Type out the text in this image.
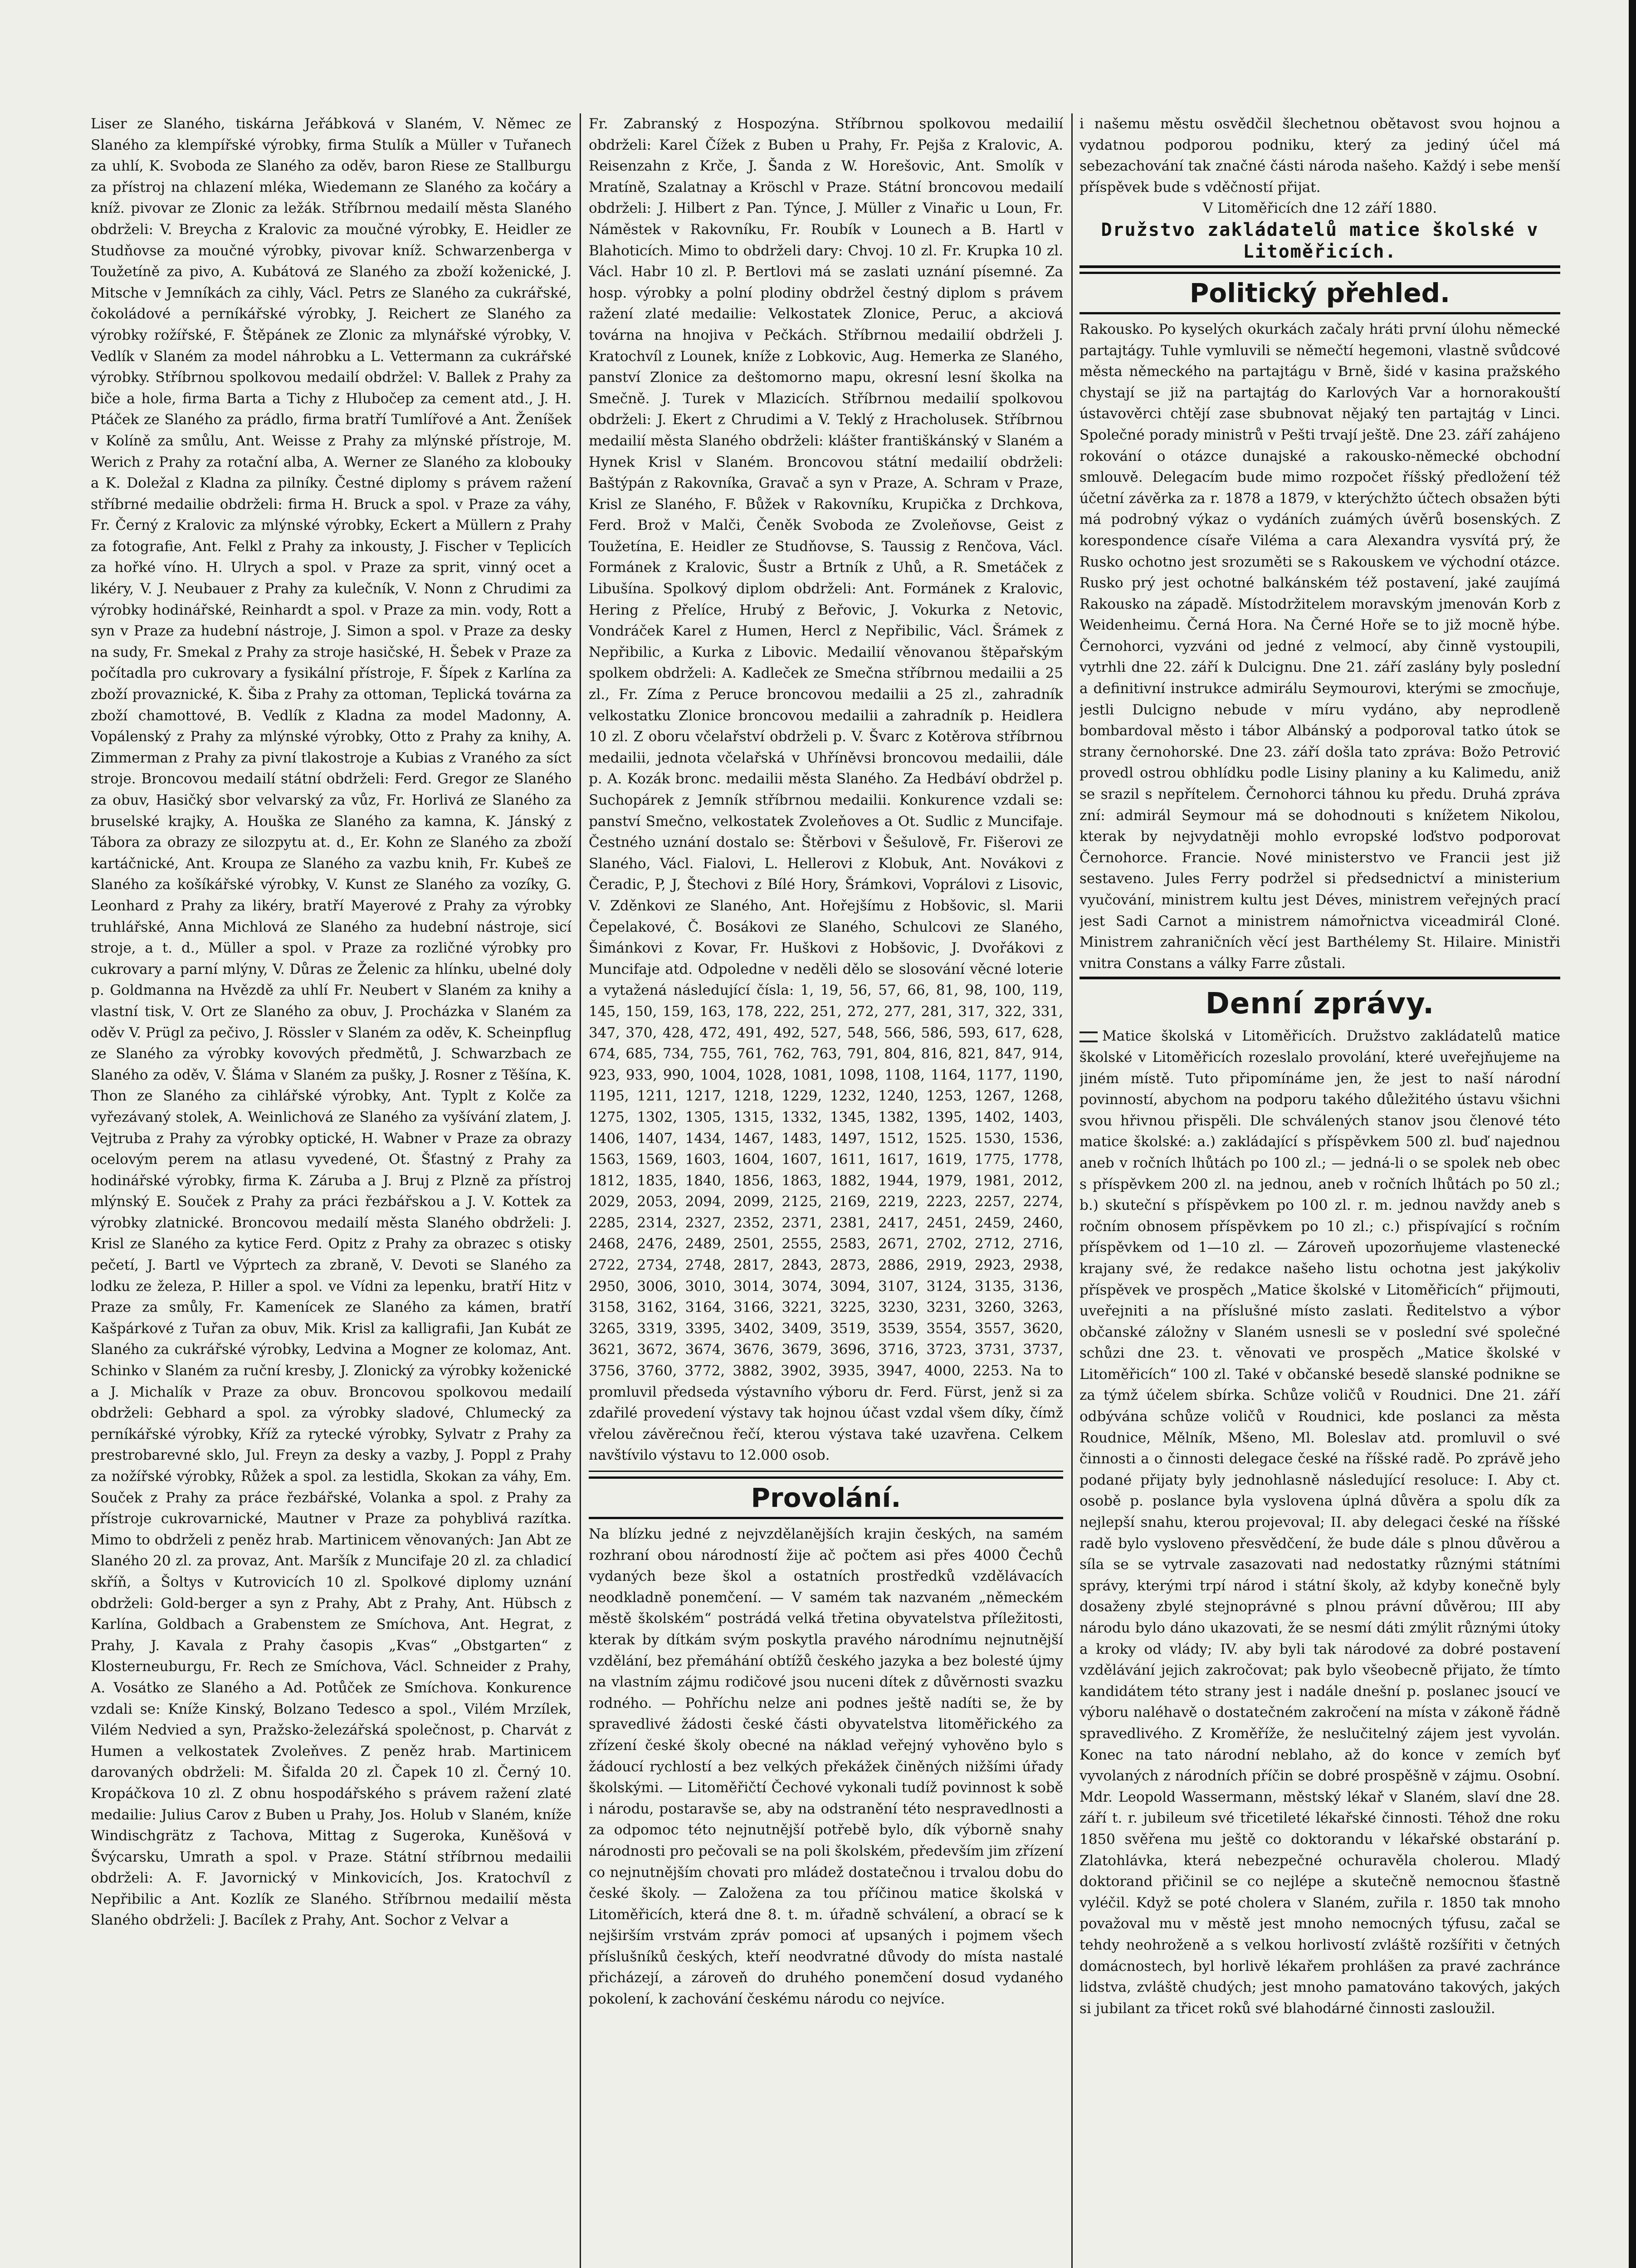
Liser ze Slaného, tiskárna Jeřábková v Slaném, V. Němec ze Slaného za klempířské výrobky, firma Stulík a Müller v Tuřanech za uhlí, K. Svoboda ze Slaného za oděv, baron Riese ze Stallburgu za přístroj na chlazení mléka, Wiedemann ze Slaného za kočáry a kníž. pivovar ze Zlonic za ležák. Stříbrnou medailí města Slaného obdrželi: V. Breycha z Kralovic za moučné výrobky, E. Heidler ze Studňovse za moučné výrobky, pivovar kníž. Schwarzenberga v Toužetíně za pivo, A. Kubátová ze Slaného za zboží koženické, J. Mitsche v Jemníkách za cihly, Václ. Petrs ze Slaného za cukrářské, čokoládové a perníkářské výrobky, J. Reichert ze Slaného za výrobky rožířské, F. Štěpánek ze Zlonic za mlynářské výrobky, V. Vedlík v Slaném za model náhrobku a L. Vettermann za cukrářské výrobky. Stříbrnou spolkovou medailí obdržel: V. Ballek z Prahy za biče a hole, firma Barta a Tichy z Hlubočep za cement atd., J. H. Ptáček ze Slaného za prádlo, firma bratří Tumlířové a Ant. Ženíšek v Kolíně za smůlu, Ant. Weisse z Prahy za mlýnské přístroje, M. Werich z Prahy za rotační alba, A. Werner ze Slaného za klobouky a K. Doležal z Kladna za pilníky. Čestné diplomy s právem ražení stříbrné medailie obdrželi: firma H. Bruck a spol. v Praze za váhy, Fr. Černý z Kralovic za mlýnské výrobky, Eckert a Müllern z Prahy za fotografie, Ant. Felkl z Prahy za inkousty, J. Fischer v Teplicích za hořké víno. H. Ulrych a spol. v Praze za sprit, vinný ocet a likéry, V. J. Neubauer z Prahy za kulečník, V. Nonn z Chrudimi za výrobky hodinářské, Reinhardt a spol. v Praze za min. vody, Rott a syn v Praze za hudební nástroje, J. Simon a spol. v Praze za desky na sudy, Fr. Smekal z Prahy za stroje hasičské, H. Šebek v Praze za počítadla pro cukrovary a fysikální přístroje, F. Šípek z Karlína za zboží provaznické, K. Šiba z Prahy za ottoman, Teplická továrna za zboží chamottové, B. Vedlík z Kladna za model Madonny, A. Vopálenský z Prahy za mlýnské výrobky, Otto z Prahy za knihy, A. Zimmerman z Prahy za pivní tlakostroje a Kubias z Vraného za síct stroje. Broncovou medailí státní obdrželi: Ferd. Gregor ze Slaného za obuv, Hasičký sbor velvarský za vůz, Fr. Horlivá ze Slaného za bruselské krajky, A. Houška ze Slaného za kamna, K. Jánský z Tábora za obrazy ze silozpytu at. d., Er. Kohn ze Slaného za zboží kartáčnické, Ant. Kroupa ze Slaného za vazbu knih, Fr. Kubeš ze Slaného za košíkářské výrobky, V. Kunst ze Slaného za vozíky, G. Leonhard z Prahy za likéry, bratří Mayerové z Prahy za výrobky truhlářské, Anna Michlová ze Slaného za hudební nástroje, sicí stroje, a t. d., Müller a spol. v Praze za rozličné výrobky pro cukrovary a parní mlýny, V. Důras ze Želenic za hlínku, ubelné doly p. Goldmanna na Hvězdě za uhlí Fr. Neubert v Slaném za knihy a vlastní tisk, V. Ort ze Slaného za obuv, J. Procházka v Slaném za oděv V. Prügl za pečivo, J. Rössler v Slaném za oděv, K. Scheinpflug ze Slaného za výrobky kovových předmětů, J. Schwarzbach ze Slaného za oděv, V. Šláma v Slaném za pušky, J. Rosner z Těšína, K. Thon ze Slaného za cihlářské výrobky, Ant. Typlt z Kolče za vyřezávaný stolek, A. Weinlichová ze Slaného za vyšívání zlatem, J. Vejtruba z Prahy za výrobky optické, H. Wabner v Praze za obrazy ocelovým perem na atlasu vyvedené, Ot. Šťastný z Prahy za hodinářské výrobky, firma K. Záruba a J. Bruj z Plzně za přístroj mlýnský E. Souček z Prahy za práci řezbářskou a J. V. Kottek za výrobky zlatnické. Broncovou medailí města Slaného obdrželi: J. Krisl ze Slaného za kytice Ferd. Opitz z Prahy za obrazec s otisky pečetí, J. Bartl ve Výprtech za zbraně, V. Devoti se Slaného za lodku ze železa, P. Hiller a spol. ve Vídni za lepenku, bratří Hitz v Praze za smůly, Fr. Kamenícek ze Slaného za kámen, bratří Kašpárkové z Tuřan za obuv, Mik. Krisl za kalligrafii, Jan Kubát ze Slaného za cukrářské výrobky, Ledvina a Mogner ze kolomaz, Ant. Schinko v Slaném za ruční kresby, J. Zlonický za výrobky koženické a J. Michalík v Praze za obuv. Broncovou spolkovou medailí obdrželi: Gebhard a spol. za výrobky sladové, Chlumecký za perníkářské výrobky, Kříž za rytecké výrobky, Sylvatr z Prahy za prestrobarevné sklo, Jul. Freyn za desky a vazby, J. Poppl z Prahy za nožířské výrobky, Růžek a spol. za lestidla, Skokan za váhy, Em. Souček z Prahy za práce řezbářské, Volanka a spol. z Prahy za přístroje cukrovarnické, Mautner v Praze za pohyblivá razítka. Mimo to obdrželi z peněz hrab. Martinicem věnovaných: Jan Abt ze Slaného 20 zl. za provaz, Ant. Maršík z Muncifaje 20 zl. za chladicí skříň, a Šoltys v Kutrovicích 10 zl. Spolkové diplomy uznání obdrželi: Gold-berger a syn z Prahy, Abt z Prahy, Ant. Hübsch z Karlína, Goldbach a Grabenstem ze Smíchova, Ant. Hegrat, z Prahy, J. Kavala z Prahy časopis „Kvas“ „Obstgarten“ z Klosterneuburgu, Fr. Rech ze Smíchova, Václ. Schneider z Prahy, A. Vosátko ze Slaného a Ad. Potůček ze Smíchova. Konkurence vzdali se: Kníže Kinský, Bolzano Tedesco a spol., Vilém Mrzílek, Vilém Nedvied a syn, Pražsko-železářská společnost, p. Charvát z Humen a velkostatek Zvoleňves. Z peněz hrab. Martinicem darovaných obdrželi: M. Šifalda 20 zl. Čapek 10 zl. Černý 10. Kropáčkova 10 zl. Z obnu hospodářského s právem ražení zlaté medailie: Julius Carov z Buben u Prahy, Jos. Holub v Slaném, kníže Windischgrätz z Tachova, Mittag z Sugeroka, Kuněšová v Švýcarsku, Umrath a spol. v Praze. Státní stříbrnou medailii obdrželi: A. F. Javornický v Minkovicích, Jos. Kratochvíl z Nepřibilic a Ant. Kozlík ze Slaného. Stříbrnou medailií města Slaného obdrželi: J. Bacílek z Prahy, Ant. Sochor z Velvar a

Fr. Zabranský z Hospozýna. Stříbrnou spolkovou medailií obdrželi: Karel Čížek z Buben u Prahy, Fr. Pejša z Kralovic, A. Reisenzahn z Krče, J. Šanda z W. Horešovic, Ant. Smolík v Mratíně, Szalatnay a Kröschl v Praze. Státní broncovou medailí obdrželi: J. Hilbert z Pan. Týnce, J. Müller z Vinařic u Loun, Fr. Náměstek v Rakovníku, Fr. Roubík v Lounech a B. Hartl v Blahoticích. Mimo to obdrželi dary: Chvoj. 10 zl. Fr. Krupka 10 zl. Václ. Habr 10 zl. P. Bertlovi má se zaslati uznání písemné. Za hosp. výrobky a polní plodiny obdržel čestný diplom s právem ražení zlaté medailie: Velkostatek Zlonice, Peruc, a akciová továrna na hnojiva v Pečkách. Stříbrnou medailií obdrželi J. Kratochvíl z Lounek, kníže z Lobkovic, Aug. Hemerka ze Slaného, panství Zlonice za deštomorno mapu, okresní lesní školka na Smečně. J. Turek v Mlazicích. Stříbrnou medailií spolkovou obdrželi: J. Ekert z Chrudimi a V. Teklý z Hracholusek. Stříbrnou medailií města Slaného obdrželi: klášter františkánský v Slaném a Hynek Krisl v Slaném. Broncovou státní medailií obdrželi: Baštýpán z Rakovníka, Gravač a syn v Praze, A. Schram v Praze, Krisl ze Slaného, F. Bůžek v Rakovníku, Krupička z Drchkova, Ferd. Brož v Malči, Čeněk Svoboda ze Zvoleňovse, Geist z Toužetína, E. Heidler ze Studňovse, S. Taussig z Renčova, Václ. Formánek z Kralovic, Šustr a Brtník z Uhů, a R. Smetáček z Libušína. Spolkový diplom obdrželi: Ant. Formánek z Kralovic, Hering z Přelíce, Hrubý z Beřovic, J. Vokurka z Netovic, Vondráček Karel z Humen, Hercl z Nepřibilic, Václ. Šrámek z Nepřibilic, a Kurka z Libovic. Medailií věnovanou štěpařským spolkem obdrželi: A. Kadleček ze Smečna stříbrnou medailii a 25 zl., Fr. Zíma z Peruce broncovou medailii a 25 zl., zahradník velkostatku Zlonice broncovou medailii a zahradník p. Heidlera 10 zl. Z oboru včelařství obdrželi p. V. Švarc z Kotěrova stříbrnou medailii, jednota včelařská v Uhříněvsi broncovou medailii, dále p. A. Kozák bronc. medailii města Slaného. Za Hedbáví obdržel p. Suchopárek z Jemník stříbrnou medailii. Konkurence vzdali se: panství Smečno, velkostatek Zvoleňoves a Ot. Sudlic z Muncifaje. Čestného uznání dostalo se: Štěrbovi v Šešulově, Fr. Fišerovi ze Slaného, Václ. Fialovi, L. Hellerovi z Klobuk, Ant. Novákovi z Čeradic, P, J, Štechovi z Bílé Hory, Šrámkovi, Voprálovi z Lisovic, V. Zděnkovi ze Slaného, Ant. Hořejšímu z Hobšovic, sl. Marii Čepelakové, Č. Bosákovi ze Slaného, Schulcovi ze Slaného, Šimánkovi z Kovar, Fr. Huškovi z Hobšovic, J. Dvořákovi z Muncifaje atd. Odpoledne v neděli dělo se slosování věcné loterie a vytažená následující čísla: 1, 19, 56, 57, 66, 81, 98, 100, 119, 145, 150, 159, 163, 178, 222, 251, 272, 277, 281, 317, 322, 331, 347, 370, 428, 472, 491, 492, 527, 548, 566, 586, 593, 617, 628, 674, 685, 734, 755, 761, 762, 763, 791, 804, 816, 821, 847, 914, 923, 933, 990, 1004, 1028, 1081, 1098, 1108, 1164, 1177, 1190, 1195, 1211, 1217, 1218, 1229, 1232, 1240, 1253, 1267, 1268, 1275, 1302, 1305, 1315, 1332, 1345, 1382, 1395, 1402, 1403, 1406, 1407, 1434, 1467, 1483, 1497, 1512, 1525. 1530, 1536, 1563, 1569, 1603, 1604, 1607, 1611, 1617, 1619, 1775, 1778, 1812, 1835, 1840, 1856, 1863, 1882, 1944, 1979, 1981, 2012, 2029, 2053, 2094, 2099, 2125, 2169, 2219, 2223, 2257, 2274, 2285, 2314, 2327, 2352, 2371, 2381, 2417, 2451, 2459, 2460, 2468, 2476, 2489, 2501, 2555, 2583, 2671, 2702, 2712, 2716, 2722, 2734, 2748, 2817, 2843, 2873, 2886, 2919, 2923, 2938, 2950, 3006, 3010, 3014, 3074, 3094, 3107, 3124, 3135, 3136, 3158, 3162, 3164, 3166, 3221, 3225, 3230, 3231, 3260, 3263, 3265, 3319, 3395, 3402, 3409, 3519, 3539, 3554, 3557, 3620, 3621, 3672, 3674, 3676, 3679, 3696, 3716, 3723, 3731, 3737, 3756, 3760, 3772, 3882, 3902, 3935, 3947, 4000, 2253. Na to promluvil předseda výstavního výboru dr. Ferd. Fürst, jenž si za zdařilé provedení výstavy tak hojnou účast vzdal všem díky, čímž vřelou závěrečnou řečí, kterou výstava také uzavřena. Celkem navštívilo výstavu to 12.000 osob.

Provolání.

Na blízku jedné z nejvzdělanějších krajin českých, na samém rozhraní obou národností žije ač počtem asi přes 4000 Čechů vydaných beze škol a ostatních prostředků vzdělávacích neodkladně ponemčení. — V samém tak nazvaném „německém městě školském“ postrádá velká třetina obyvatelstva příležitosti, kterak by dítkám svým poskytla pravého národnímu nejnutnější vzdělání, bez přemáhání obtížů českého jazyka a bez bolesté újmy na vlastním zájmu rodičové jsou nuceni dítek z důvěrnosti svazku rodného. — Pohříchu nelze ani podnes ještě nadíti se, že by spravedlivé žádosti české části obyvatelstva litoměřického za zřízení české školy obecné na náklad veřejný vyhověno bylo s žádoucí rychlostí a bez velkých překážek činěných nižšími úřady školskými. — Litoměřičtí Čechové vykonali tudíž povinnost k sobě i národu, postaravše se, aby na odstranění této nespravedlnosti a za odpomoc této nejnutnější potřebě bylo, dík výborně snahy národnosti pro pečovali se na poli školském, především jim zřízení co nejnutnějším chovati pro mládež dostatečnou i trvalou dobu do české školy. — Založena za tou příčinou matice školská v Litoměřicích, která dne 8. t. m. úřadně schválení, a obrací se k nejširším vrstvám zpráv pomoci ať upsaných i pojmem všech příslušníků českých, kteří neodvratné důvody do místa nastalé přicházejí, a zároveň do druhého ponemčení dosud vydaného pokolení, k zachování českému národu co nejvíce.

i našemu městu osvědčil šlechetnou obětavost svou hojnou a vydatnou podporou podniku, který za jediný účel má sebezachování tak značné části národa našeho. Každý i sebe menší příspěvek bude s vděčností přijat.

V Litoměřicích dne 12 září 1880.

Družstvo zakládatelů matice školské v Litoměřicích.

Politický přehled.

Rakousko. Po kyselých okurkách začaly hráti první úlohu německé partajtágy. Tuhle vymluvili se němečtí hegemoni, vlastně svůdcové města německého na partajtágu v Brně, šidé v kasina pražského chystají se již na partajtág do Karlových Var a hornorakouští ústavověrci chtějí zase sbubnovat nějaký ten partajtág v Linci. Společné porady ministrů v Pešti trvají ještě. Dne 23. září zahájeno rokování o otázce dunajské a rakousko-německé obchodní smlouvě. Delegacím bude mimo rozpočet říšský předložení též účetní závěrka za r. 1878 a 1879, v kterýchžto účtech obsažen býti má podrobný výkaz o vydáních zuámých úvěrů bosenských. Z korespondence císaře Viléma a cara Alexandra vysvítá prý, že Rusko ochotno jest srozuměti se s Rakouskem ve východní otázce. Rusko prý jest ochotné balkánském též postavení, jaké zaujímá Rakousko na západě. Místodržitelem moravským jmenován Korb z Weidenheimu. Černá Hora. Na Černé Hoře se to již mocně hýbe. Černohorci, vyzváni od jedné z velmocí, aby činně vystoupili, vytrhli dne 22. září k Dulcignu. Dne 21. září zaslány byly poslední a definitivní instrukce admirálu Seymourovi, kterými se zmocňuje, jestli Dulcigno nebude v míru vydáno, aby neprodleně bombardoval město i tábor Albánský a podporoval tatko útok se strany černohorské. Dne 23. září došla tato zpráva: Božo Petrović provedl ostrou obhlídku podle Lisiny planiny a ku Kalimedu, aniž se srazil s nepřítelem. Černohorci táhnou ku předu. Druhá zpráva zní: admirál Seymour má se dohodnouti s knížetem Nikolou, kterak by nejvydatněji mohlo evropské loďstvo podporovat Černohorce. Francie. Nové ministerstvo ve Francii jest již sestaveno. Jules Ferry podržel si předsednictví a ministerium vyučování, ministrem kultu jest Déves, ministrem veřejných prací jest Sadi Carnot a ministrem námořnictva viceadmirál Cloné. Ministrem zahraničních věcí jest Barthélemy St. Hilaire. Ministři vnitra Constans a války Farre zůstali.

Denní zprávy.

Matice školská v Litoměřicích. Družstvo zakládatelů matice školské v Litoměřicích rozeslalo provolání, které uveřejňujeme na jiném místě. Tuto připomínáme jen, že jest to naší národní povinností, abychom na podporu takého důležitého ústavu všichni svou hřivnou přispěli. Dle schválených stanov jsou členové této matice školské: a.) zakládající s příspěvkem 500 zl. buď najednou aneb v ročních lhůtách po 100 zl.; — jedná-li o se spolek neb obec s příspěvkem 200 zl. na jednou, aneb v ročních lhůtách po 50 zl.; b.) skuteční s příspěvkem po 100 zl. r. m. jednou navždy aneb s ročním obnosem příspěvkem po 10 zl.; c.) přispívající s ročním příspěvkem od 1—10 zl. — Zároveň upozorňujeme vlastenecké krajany své, že redakce našeho listu ochotna jest jakýkoliv příspěvek ve prospěch „Matice školské v Litoměřicích“ přijmouti, uveřejniti a na příslušné místo zaslati. Ředitelstvo a výbor občanské záložny v Slaném usnesli se v poslední své společné schůzi dne 23. t. věnovati ve prospěch „Matice školské v Litoměřicích“ 100 zl. Také v občanské besedě slanské podnikne se za týmž účelem sbírka. Schůze voličů v Roudnici. Dne 21. září odbývána schůze voličů v Roudnici, kde poslanci za města Roudnice, Mělník, Mšeno, Ml. Boleslav atd. promluvil o své činnosti a o činnosti delegace české na říšské radě. Po zprávě jeho podané přijaty byly jednohlasně následující resoluce: I. Aby ct. osobě p. poslance byla vyslovena úplná důvěra a spolu dík za nejlepší snahu, kterou projevoval; II. aby delegaci české na říšské radě bylo vysloveno přesvědčení, že bude dále s plnou důvěrou a síla se se vytrvale zasazovati nad nedostatky různými státními správy, kterými trpí národ i státní školy, až kdyby konečně byly dosaženy zbylé stejnoprávné s plnou právní důvěrou; III aby národu bylo dáno ukazovati, že se nesmí dáti zmýlit různými útoky a kroky od vlády; IV. aby byli tak národové za dobré postavení vzdělávání jejich zakročovat; pak bylo všeobecně přijato, že tímto kandidátem této strany jest i nadále dnešní p. poslanec jsoucí ve výboru naléhavě o dostatečném zakročení na místa v zákoně řádně spravedlivého. Z Kroměříže, že neslučitelný zájem jest vyvolán. Konec na tato národní neblaho, až do konce v zemích byť vyvolaných z národních příčin se dobré prospěšně v zájmu. Osobní. Mdr. Leopold Wassermann, městský lékař v Slaném, slaví dne 28. září t. r. jubileum své třicetileté lékařské činnosti. Téhož dne roku 1850 svěřena mu ještě co doktorandu v lékařské obstarání p. Zlatohlávka, která nebezpečné ochuravěla cholerou. Mladý doktorand přičinil se co nejlépe a skutečně nemocnou šťastně vyléčil. Když se poté cholera v Slaném, zuřila r. 1850 tak mnoho považoval mu v městě jest mnoho nemocných týfusu, začal se tehdy neohroženě a s velkou horlivostí zvláště rozšířiti v četných domácnostech, byl horlivě lékařem prohlášen za pravé zachránce lidstva, zvláště chudých; jest mnoho pamatováno takových, jakých si jubilant za třicet roků své blahodárné činnosti zasloužil.
